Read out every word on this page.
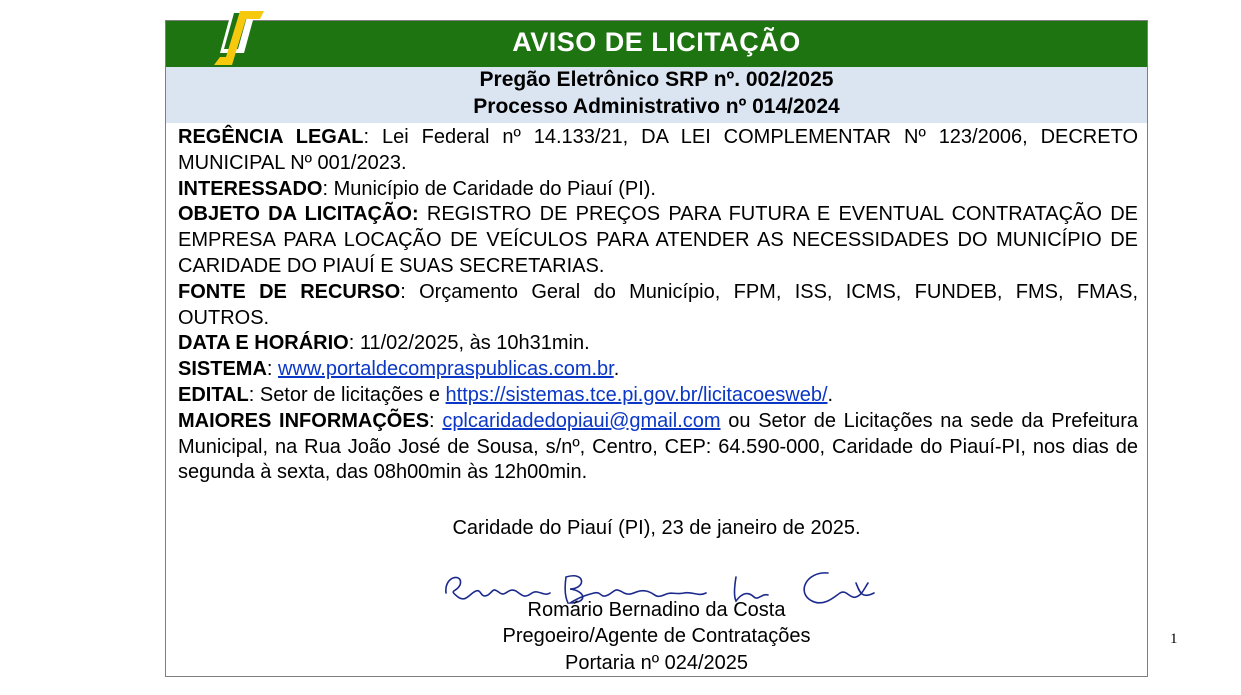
AVISO DE LICITAÇÃO
Pregão Eletrônico SRP nº. 002/2025
Processo Administrativo nº 014/2024

REGÊNCIA LEGAL: Lei Federal nº 14.133/21, DA LEI COMPLEMENTAR Nº 123/2006, DECRETO MUNICIPAL Nº 001/2023.

INTERESSADO: Município de Caridade do Piauí (PI).

OBJETO DA LICITAÇÃO: REGISTRO DE PREÇOS PARA FUTURA E EVENTUAL CONTRATAÇÃO DE EMPRESA PARA LOCAÇÃO DE VEÍCULOS PARA ATENDER AS NECESSIDADES DO MUNICÍPIO DE CARIDADE DO PIAUÍ E SUAS SECRETARIAS.

FONTE DE RECURSO: Orçamento Geral do Município, FPM, ISS, ICMS, FUNDEB, FMS, FMAS, OUTROS.

DATA E HORÁRIO: 11/02/2025, às 10h31min.

SISTEMA: www.portaldecompraspublicas.com.br.

EDITAL: Setor de licitações e https://sistemas.tce.pi.gov.br/licitacoesweb/.

MAIORES INFORMAÇÕES: cplcaridadedopiaui@gmail.com ou Setor de Licitações na sede da Prefeitura Municipal, na Rua João José de Sousa, s/nº, Centro, CEP: 64.590-000, Caridade do Piauí-PI, nos dias de segunda à sexta, das 08h00min às 12h00min.

Caridade do Piauí (PI), 23 de janeiro de 2025.
Romário Bernadino da Costa
Pregoeiro/Agente de Contratações
Portaria nº 024/2025
1
